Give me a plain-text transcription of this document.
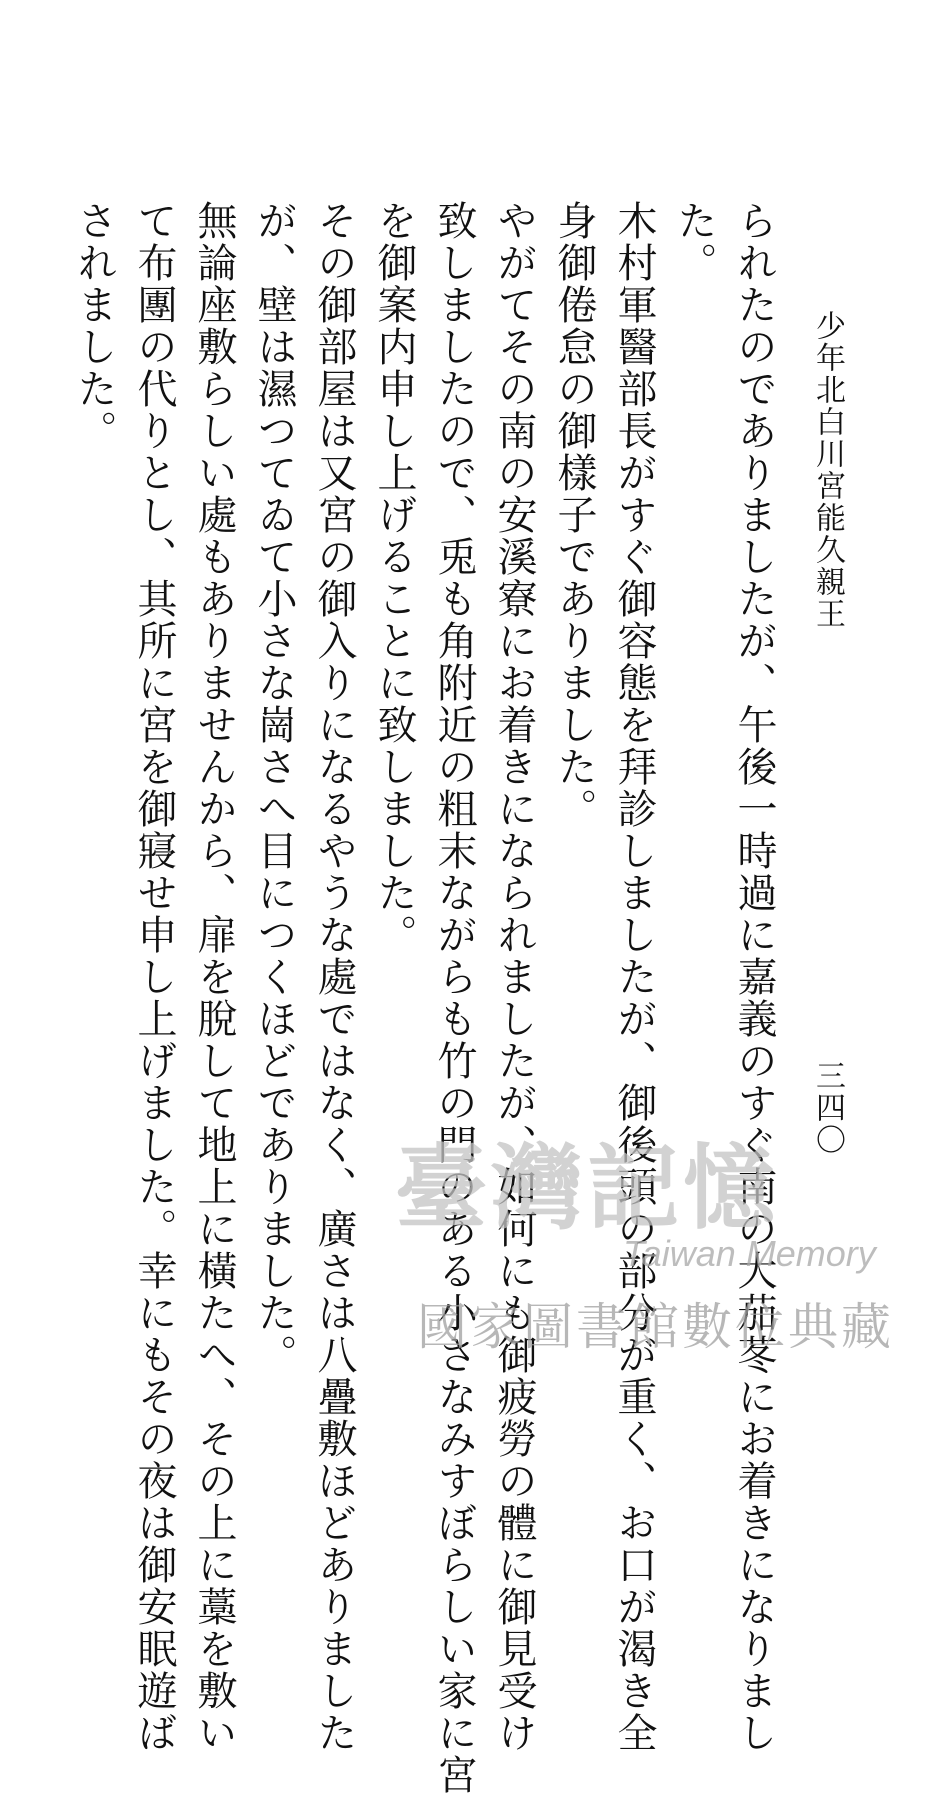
少年北白川宮能久親王
三四〇
られたのでありましたが、午後一時過に嘉義のすぐ南の大茄苳にお着きになりまし
た。
木村軍醫部長がすぐ御容態を拜診しましたが、御後頭の部分が重く、お口が渴き全
身御倦怠の御樣子でありました。
やがてその南の安溪寮にお着きになられましたが、如何にも御疲勞の體に御見受け
致しましたので、兎も角附近の粗末ながらも竹の門のある小さなみすぼらしい家に宮
を御案内申し上げることに致しました。
その御部屋は又宮の御入りになるやうな處ではなく、廣さは八疊敷ほどありました
が、壁は濕つてゐて小さな崗さへ目につくほどでありました。
無論座敷らしい處もありませんから、扉を脫して地上に橫たへ、その上に藁を敷い
て布團の代りとし、其所に宮を御寢せ申し上げました。幸にもその夜は御安眠遊ば
されました。
臺灣記憶
Taiwan Memory
國家圖書館數位典藏
